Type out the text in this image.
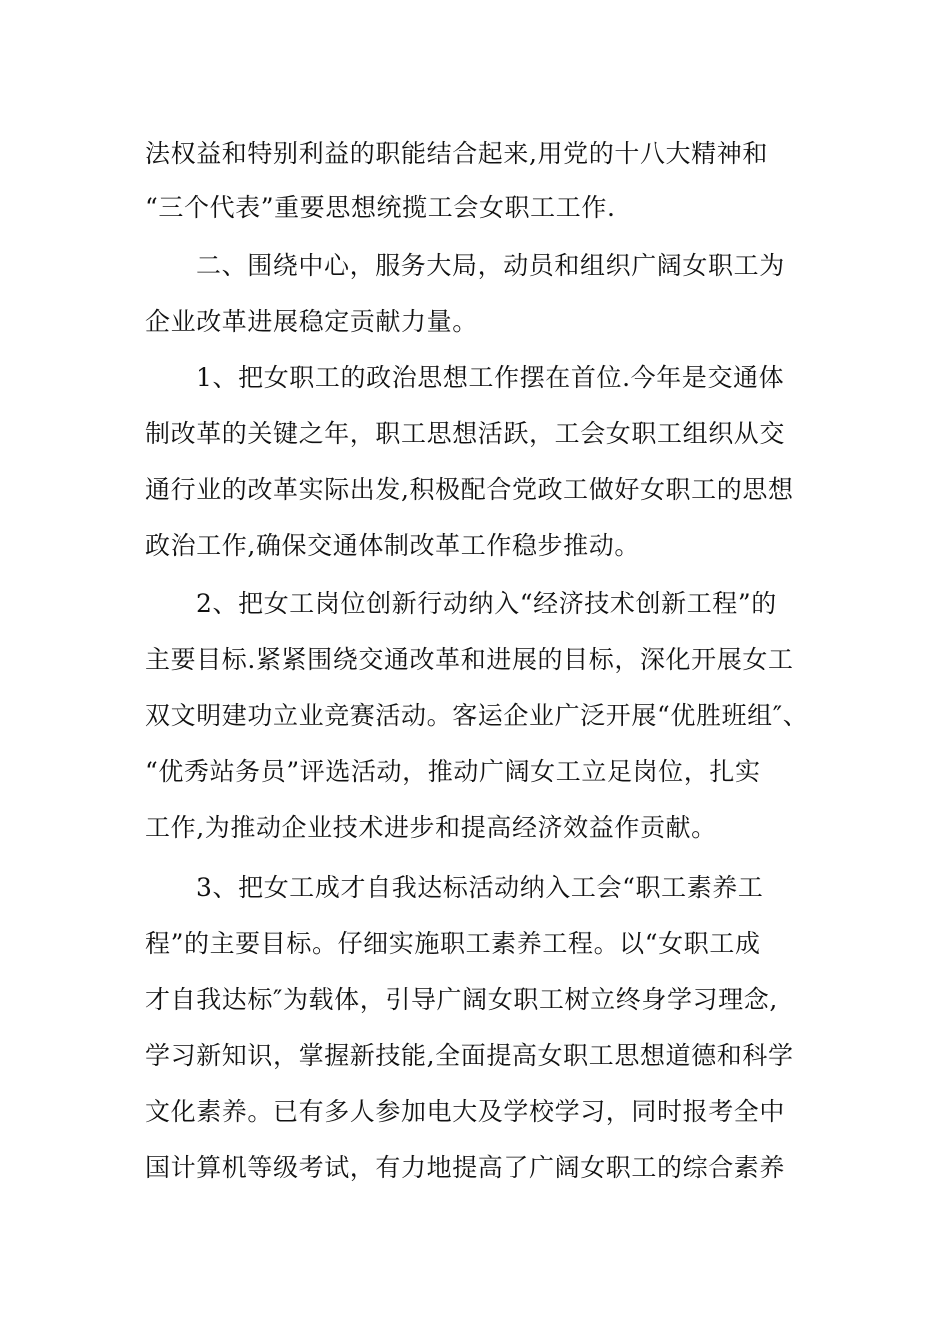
法权益和特别利益的职能结合起来,用党的十八大精神和
“三个代表”重要思想统揽工会女职工工作.
二、围绕中心，服务大局，动员和组织广阔女职工为
企业改革进展稳定贡献力量。
1、把女职工的政治思想工作摆在首位.今年是交通体
制改革的关键之年，职工思想活跃，工会女职工组织从交
通行业的改革实际出发,积极配合党政工做好女职工的思想
政治工作,确保交通体制改革工作稳步推动。
2、把女工岗位创新行动纳入“经济技术创新工程”的
主要目标.紧紧围绕交通改革和进展的目标，深化开展女工
双文明建功立业竞赛活动。客运企业广泛开展“优胜班组″、
“优秀站务员”评选活动，推动广阔女工立足岗位，扎实
工作,为推动企业技术进步和提高经济效益作贡献。
3、把女工成才自我达标活动纳入工会“职工素养工
程”的主要目标。仔细实施职工素养工程。以“女职工成
才自我达标″为载体，引导广阔女职工树立终身学习理念,
学习新知识，掌握新技能,全面提高女职工思想道德和科学
文化素养。已有多人参加电大及学校学习，同时报考全中
国计算机等级考试，有力地提高了广阔女职工的综合素养
